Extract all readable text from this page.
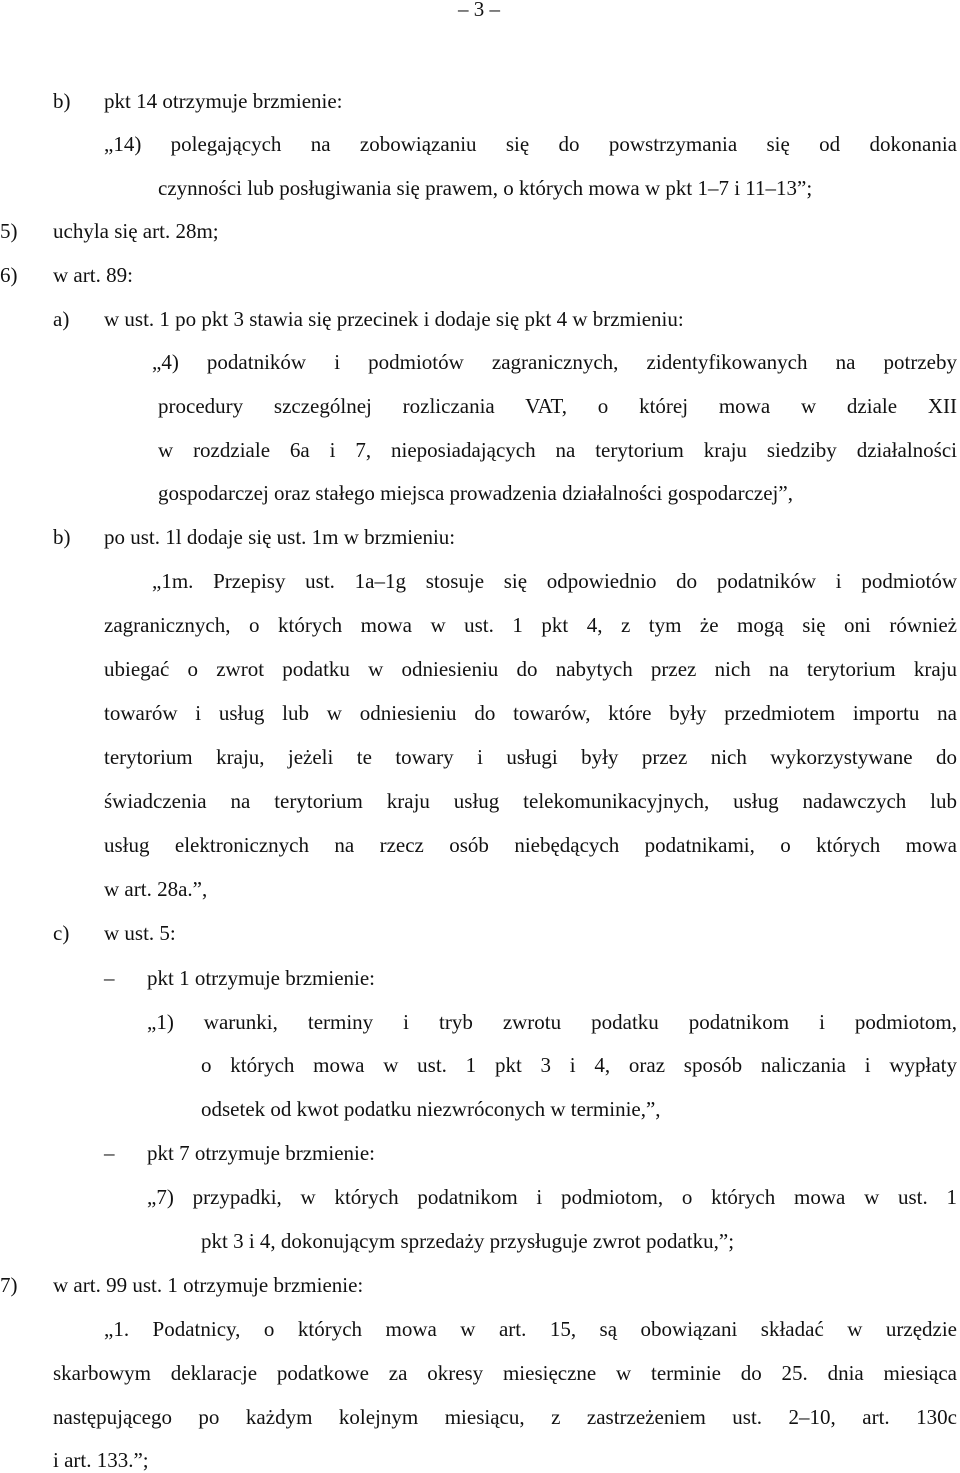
– 3 –
b) pkt 14 otrzymuje brzmienie:
„14) polegających na zobowiązaniu się do powstrzymania się od dokonania
czynności lub posługiwania się prawem, o których mowa w pkt 1–7 i 11–13”;
5) uchyla się art. 28m;
6) w art. 89:
a) w ust. 1 po pkt 3 stawia się przecinek i dodaje się pkt 4 w brzmieniu:
„4) podatników i podmiotów zagranicznych, zidentyfikowanych na potrzeby
procedury szczególnej rozliczania VAT, o której mowa w dziale XII
w rozdziale 6a i 7, nieposiadających na terytorium kraju siedziby działalności
gospodarczej oraz stałego miejsca prowadzenia działalności gospodarczej”,
b) po ust. 1l dodaje się ust. 1m w brzmieniu:
„1m. Przepisy ust. 1a–1g stosuje się odpowiednio do podatników i podmiotów
zagranicznych, o których mowa w ust. 1 pkt 4, z tym że mogą się oni również
ubiegać o zwrot podatku w odniesieniu do nabytych przez nich na terytorium kraju
towarów i usług lub w odniesieniu do towarów, które były przedmiotem importu na
terytorium kraju, jeżeli te towary i usługi były przez nich wykorzystywane do
świadczenia na terytorium kraju usług telekomunikacyjnych, usług nadawczych lub
usług elektronicznych na rzecz osób niebędących podatnikami, o których mowa
w art. 28a.”,
c) w ust. 5:
– pkt 1 otrzymuje brzmienie:
„1) warunki, terminy i tryb zwrotu podatku podatnikom i podmiotom,
o których mowa w ust. 1 pkt 3 i 4, oraz sposób naliczania i wypłaty
odsetek od kwot podatku niezwróconych w terminie,”,
– pkt 7 otrzymuje brzmienie:
„7) przypadki, w których podatnikom i podmiotom, o których mowa w ust. 1
pkt 3 i 4, dokonującym sprzedaży przysługuje zwrot podatku,”;
7) w art. 99 ust. 1 otrzymuje brzmienie:
„1. Podatnicy, o których mowa w art. 15, są obowiązani składać w urzędzie
skarbowym deklaracje podatkowe za okresy miesięczne w terminie do 25. dnia miesiąca
następującego po każdym kolejnym miesiącu, z zastrzeżeniem ust. 2–10, art. 130c
i art. 133.”;
